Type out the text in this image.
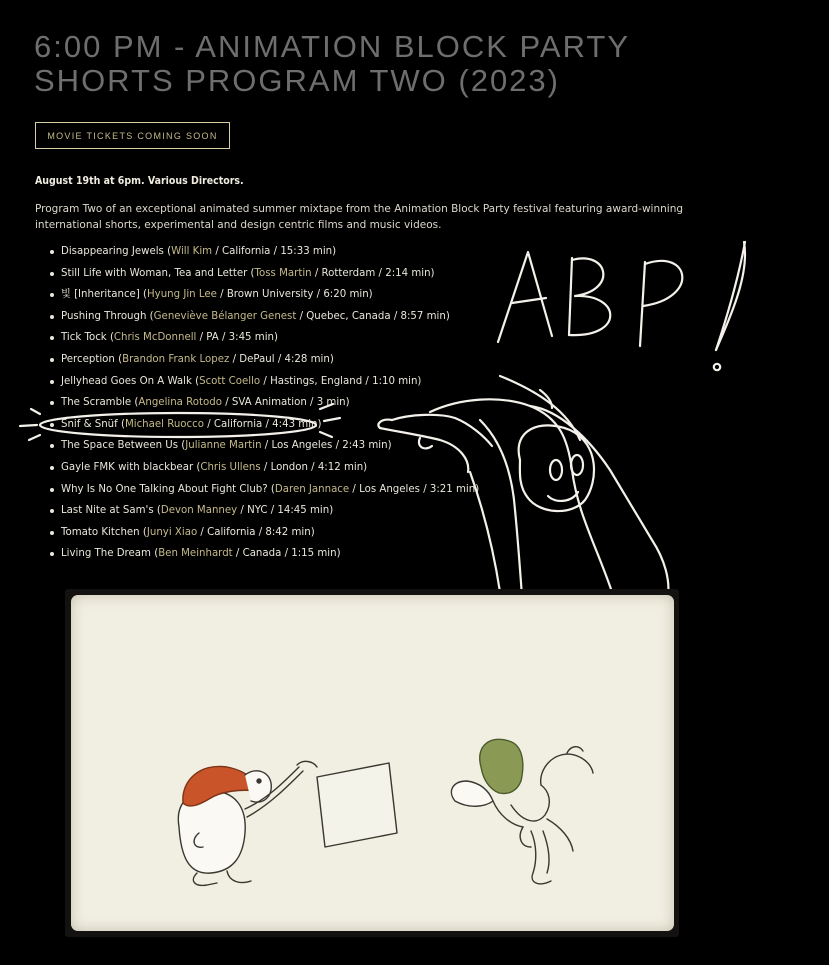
6:00 PM - ANIMATION BLOCK PARTY
SHORTS PROGRAM TWO (2023)
MOVIE TICKETS COMING SOON

August 19th at 6pm. Various Directors.

Program Two of an exceptional animated summer mixtape from the Animation Block Party festival featuring award-winning international shorts, experimental and design centric films and music videos.

Disappearing Jewels (Will Kim / California / 15:33 min)
Still Life with Woman, Tea and Letter (Toss Martin / Rotterdam / 2:14 min)
빛 [Inheritance] (Hyung Jin Lee / Brown University / 6:20 min)
Pushing Through (Geneviève Bélanger Genest / Quebec, Canada / 8:57 min)
Tick Tock (Chris McDonnell / PA / 3:45 min)
Perception (Brandon Frank Lopez / DePaul / 4:28 min)
Jellyhead Goes On A Walk (Scott Coello / Hastings, England / 1:10 min)
The Scramble (Angelina Rotodo / SVA Animation / 3 min)
Snif & Snüf (Michael Ruocco / California / 4:43 min)
The Space Between Us (Julianne Martin / Los Angeles / 2:43 min)
Gayle FMK with blackbear (Chris Ullens / London / 4:12 min)
Why Is No One Talking About Fight Club? (Daren Jannace / Los Angeles / 3:21 min)
Last Nite at Sam's (Devon Manney / NYC / 14:45 min)
Tomato Kitchen (Junyi Xiao / California / 8:42 min)
Living The Dream (Ben Meinhardt / Canada / 1:15 min)
